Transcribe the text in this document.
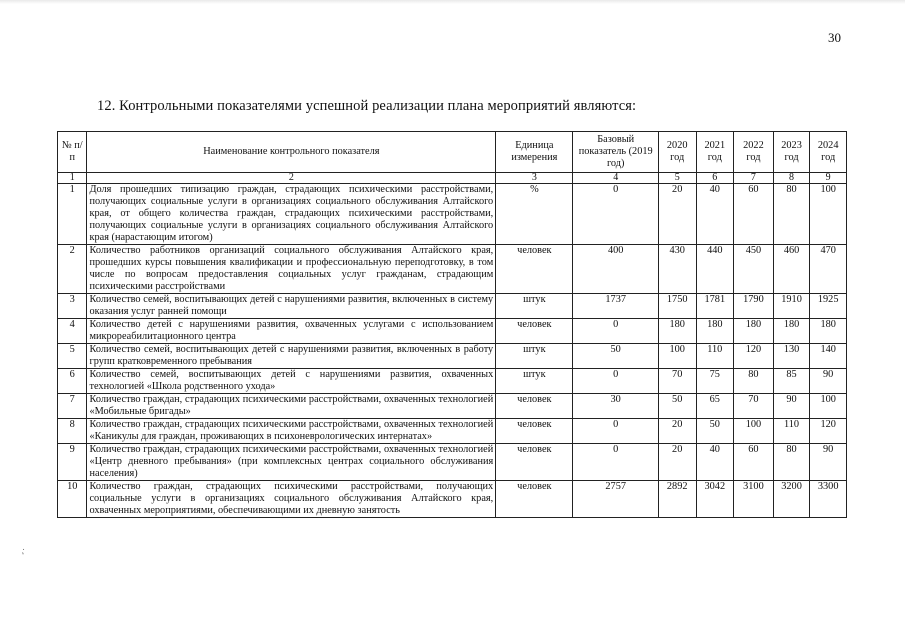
30
12. Контрольными показателями успешной реализации плана мероприятий являются:
№ п/п	Наименование контрольного показателя	Единица измерения	Базовый показатель (2019 год)	2020 год	2021 год	2022 год	2023 год	2024 год
1	2	3	4	5	6	7	8	9
1	Доля прошедших типизацию граждан, страдающих психическими расстройствами, получающих социальные услуги в организациях социального обслуживания Алтайского края, от общего количества граждан, страдающих психическими расстройствами, получающих социальные услуги в организациях социального обслуживания Алтайского края (нарастающим итогом)	%	0	20	40	60	80	100
2	Количество работников организаций социального обслуживания Алтайского края, прошедших курсы повышения квалификации и профессиональную переподготовку, в том числе по вопросам предоставления социальных услуг гражданам, страдающим психическими расстройствами	человек	400	430	440	450	460	470
3	Количество семей, воспитывающих детей с нарушениями развития, включенных в систему оказания услуг ранней помощи	штук	1737	1750	1781	1790	1910	1925
4	Количество детей с нарушениями развития, охваченных услугами с использованием микрореабилитационного центра	человек	0	180	180	180	180	180
5	Количество семей, воспитывающих детей с нарушениями развития, включенных в работу групп кратковременного пребывания	штук	50	100	110	120	130	140
6	Количество семей, воспитывающих детей с нарушениями развития, охваченных технологией «Школа родственного ухода»	штук	0	70	75	80	85	90
7	Количество граждан, страдающих психическими расстройствами, охваченных технологией «Мобильные бригады»	человек	30	50	65	70	90	100
8	Количество граждан, страдающих психическими расстройствами, охваченных технологией «Каникулы для граждан, проживающих в психоневрологических интернатах»	человек	0	20	50	100	110	120
9	Количество граждан, страдающих психическими расстройствами, охваченных технологией «Центр дневного пребывания» (при комплексных центрах социального обслуживания населения)	человек	0	20	40	60	80	90
10	Количество граждан, страдающих психическими расстройствами, получающих социальные услуги в организациях социального обслуживания Алтайского края, охваченных мероприятиями, обеспечивающими их дневную занятость	человек	2757	2892	3042	3100	3200	3300
,·
